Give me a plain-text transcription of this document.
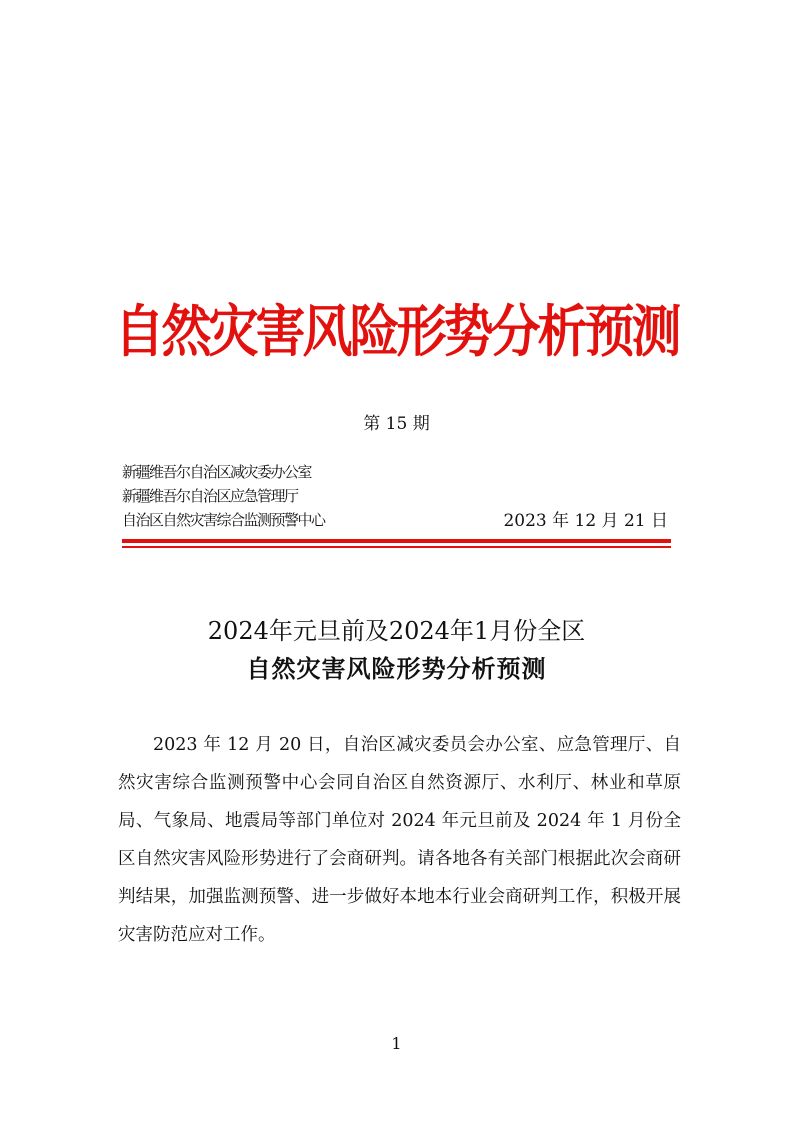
自然灾害风险形势分析预测
第 15 期
新疆维吾尔自治区减灾委办公室
新疆维吾尔自治区应急管理厅
自治区自然灾害综合监测预警中心	2023 年 12 月 21 日
2024年元旦前及2024年1月份全区
自然灾害风险形势分析预测

2023 年 12 月 20 日，自治区减灾委员会办公室、应急管理厅、自然灾害综合监测预警中心会同自治区自然资源厅、水利厅、林业和草原局、气象局、地震局等部门单位对 2024 年元旦前及 2024 年 1 月份全区自然灾害风险形势进行了会商研判。请各地各有关部门根据此次会商研判结果，加强监测预警、进一步做好本地本行业会商研判工作，积极开展灾害防范应对工作。

1
